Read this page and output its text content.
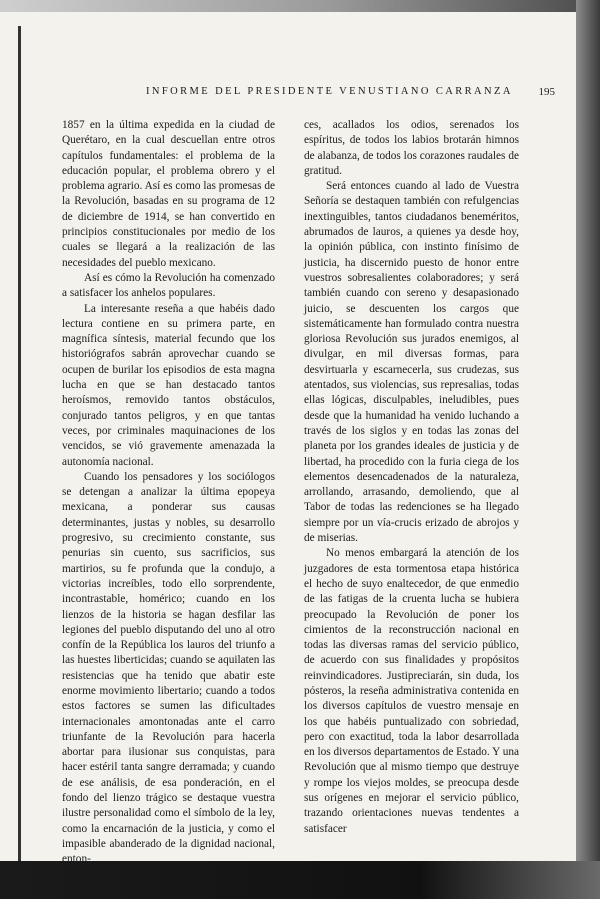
INFORME DEL PRESIDENTE VENUSTIANO CARRANZA 195

1857 en la última expedida en la ciudad de Querétaro, en la cual descuellan entre otros capítulos fundamentales: el problema de la educación popular, el problema obrero y el problema agrario. Así es como las promesas de la Revolución, basadas en su programa de 12 de diciembre de 1914, se han convertido en principios constitucionales por medio de los cuales se llegará a la realización de las necesidades del pueblo mexicano.

Así es cómo la Revolución ha comenzado a satisfacer los anhelos populares.

La interesante reseña a que habéis dado lectura contiene en su primera parte, en magnífica síntesis, material fecundo que los historiógrafos sabrán aprovechar cuando se ocupen de burilar los episodios de esta magna lucha en que se han destacado tantos heroísmos, removido tantos obstáculos, conjurado tantos peligros, y en que tantas veces, por criminales maquinaciones de los vencidos, se vió gravemente amenazada la autonomía nacional.

Cuando los pensadores y los sociólogos se detengan a analizar la última epopeya mexicana, a ponderar sus causas determinantes, justas y nobles, su desarrollo progresivo, su crecimiento constante, sus penurias sin cuento, sus sacrificios, sus martirios, su fe profunda que la condujo, a victorias increíbles, todo ello sorprendente, incontrastable, homérico; cuando en los lienzos de la historia se hagan desfilar las legiones del pueblo disputando del uno al otro confín de la República los lauros del triunfo a las huestes liberticidas; cuando se aquilaten las resistencias que ha tenido que abatir este enorme movimiento libertario; cuando a todos estos factores se sumen las dificultades internacionales amontonadas ante el carro triunfante de la Revolución para hacerla abortar para ilusionar sus conquistas, para hacer estéril tanta sangre derramada; y cuando de ese análisis, de esa ponderación, en el fondo del lienzo trágico se destaque vuestra ilustre personalidad como el símbolo de la ley, como la encarnación de la justicia, y como el impasible abanderado de la dignidad nacional, enton-

ces, acallados los odios, serenados los espíritus, de todos los labios brotarán himnos de alabanza, de todos los corazones raudales de gratitud.

Será entonces cuando al lado de Vuestra Señoría se destaquen también con refulgencias inextinguibles, tantos ciudadanos beneméritos, abrumados de lauros, a quienes ya desde hoy, la opinión pública, con instinto finísimo de justicia, ha discernido puesto de honor entre vuestros sobresalientes colaboradores; y será también cuando con sereno y desapasionado juicio, se descuenten los cargos que sistemáticamente han formulado contra nuestra gloriosa Revolución sus jurados enemigos, al divulgar, en mil diversas formas, para desvirtuarla y escarnecerla, sus crudezas, sus atentados, sus violencias, sus represalias, todas ellas lógicas, disculpables, ineludibles, pues desde que la humanidad ha venido luchando a través de los siglos y en todas las zonas del planeta por los grandes ideales de justicia y de libertad, ha procedido con la furia ciega de los elementos desencadenados de la naturaleza, arrollando, arrasando, demoliendo, que al Tabor de todas las redenciones se ha llegado siempre por un vía-crucis erizado de abrojos y de miserias.

No menos embargará la atención de los juzgadores de esta tormentosa etapa histórica el hecho de suyo enaltecedor, de que enmedio de las fatigas de la cruenta lucha se hubiera preocupado la Revolución de poner los cimientos de la reconstrucción nacional en todas las diversas ramas del servicio público, de acuerdo con sus finalidades y propósitos reinvindicadores. Justipreciarán, sin duda, los pósteros, la reseña administrativa contenida en los diversos capítulos de vuestro mensaje en los que habéis puntualizado con sobriedad, pero con exactitud, toda la labor desarrollada en los diversos departamentos de Estado. Y una Revolución que al mismo tiempo que destruye y rompe los viejos moldes, se preocupa desde sus orígenes en mejorar el servicio público, trazando orientaciones nuevas tendentes a satisfacer
